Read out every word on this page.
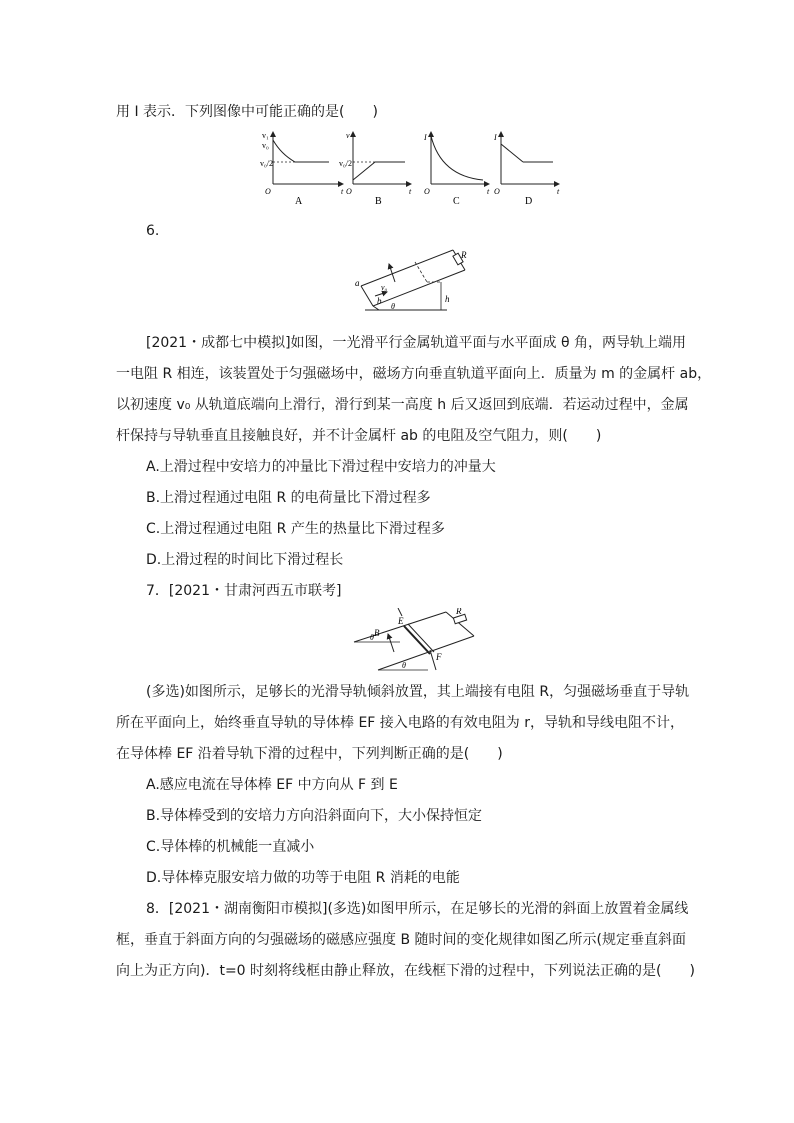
用 I 表示．下列图像中可能正确的是(　　)
v₁
v₀
v₀/2
O	t
A
v
v₀/2
O	t
B
I
O	t
C
I
O	t
D
6.
R
a
b
v₀
θ
h
[2021・成都七中模拟]如图，一光滑平行金属轨道平面与水平面成 θ 角，两导轨上端用
一电阻 R 相连，该装置处于匀强磁场中，磁场方向垂直轨道平面向上．质量为 m 的金属杆 ab，
以初速度 v₀ 从轨道底端向上滑行，滑行到某一高度 h 后又返回到底端．若运动过程中，金属
杆保持与导轨垂直且接触良好，并不计金属杆 ab 的电阻及空气阻力，则(　　)
A.上滑过程中安培力的冲量比下滑过程中安培力的冲量大
B.上滑过程通过电阻 R 的电荷量比下滑过程多
C.上滑过程通过电阻 R 产生的热量比下滑过程多
D.上滑过程的时间比下滑过程长
7．[2021・甘肃河西五市联考]
R
E
F
B
θ
θ
(多选)如图所示，足够长的光滑导轨倾斜放置，其上端接有电阻 R，匀强磁场垂直于导轨
所在平面向上，始终垂直导轨的导体棒 EF 接入电路的有效电阻为 r，导轨和导线电阻不计，
在导体棒 EF 沿着导轨下滑的过程中，下列判断正确的是(　　)
A.感应电流在导体棒 EF 中方向从 F 到 E
B.导体棒受到的安培力方向沿斜面向下，大小保持恒定
C.导体棒的机械能一直减小
D.导体棒克服安培力做的功等于电阻 R 消耗的电能
8．[2021・湖南衡阳市模拟](多选)如图甲所示，在足够长的光滑的斜面上放置着金属线
框，垂直于斜面方向的匀强磁场的磁感应强度 B 随时间的变化规律如图乙所示(规定垂直斜面
向上为正方向)．t=0 时刻将线框由静止释放，在线框下滑的过程中，下列说法正确的是(　　)
